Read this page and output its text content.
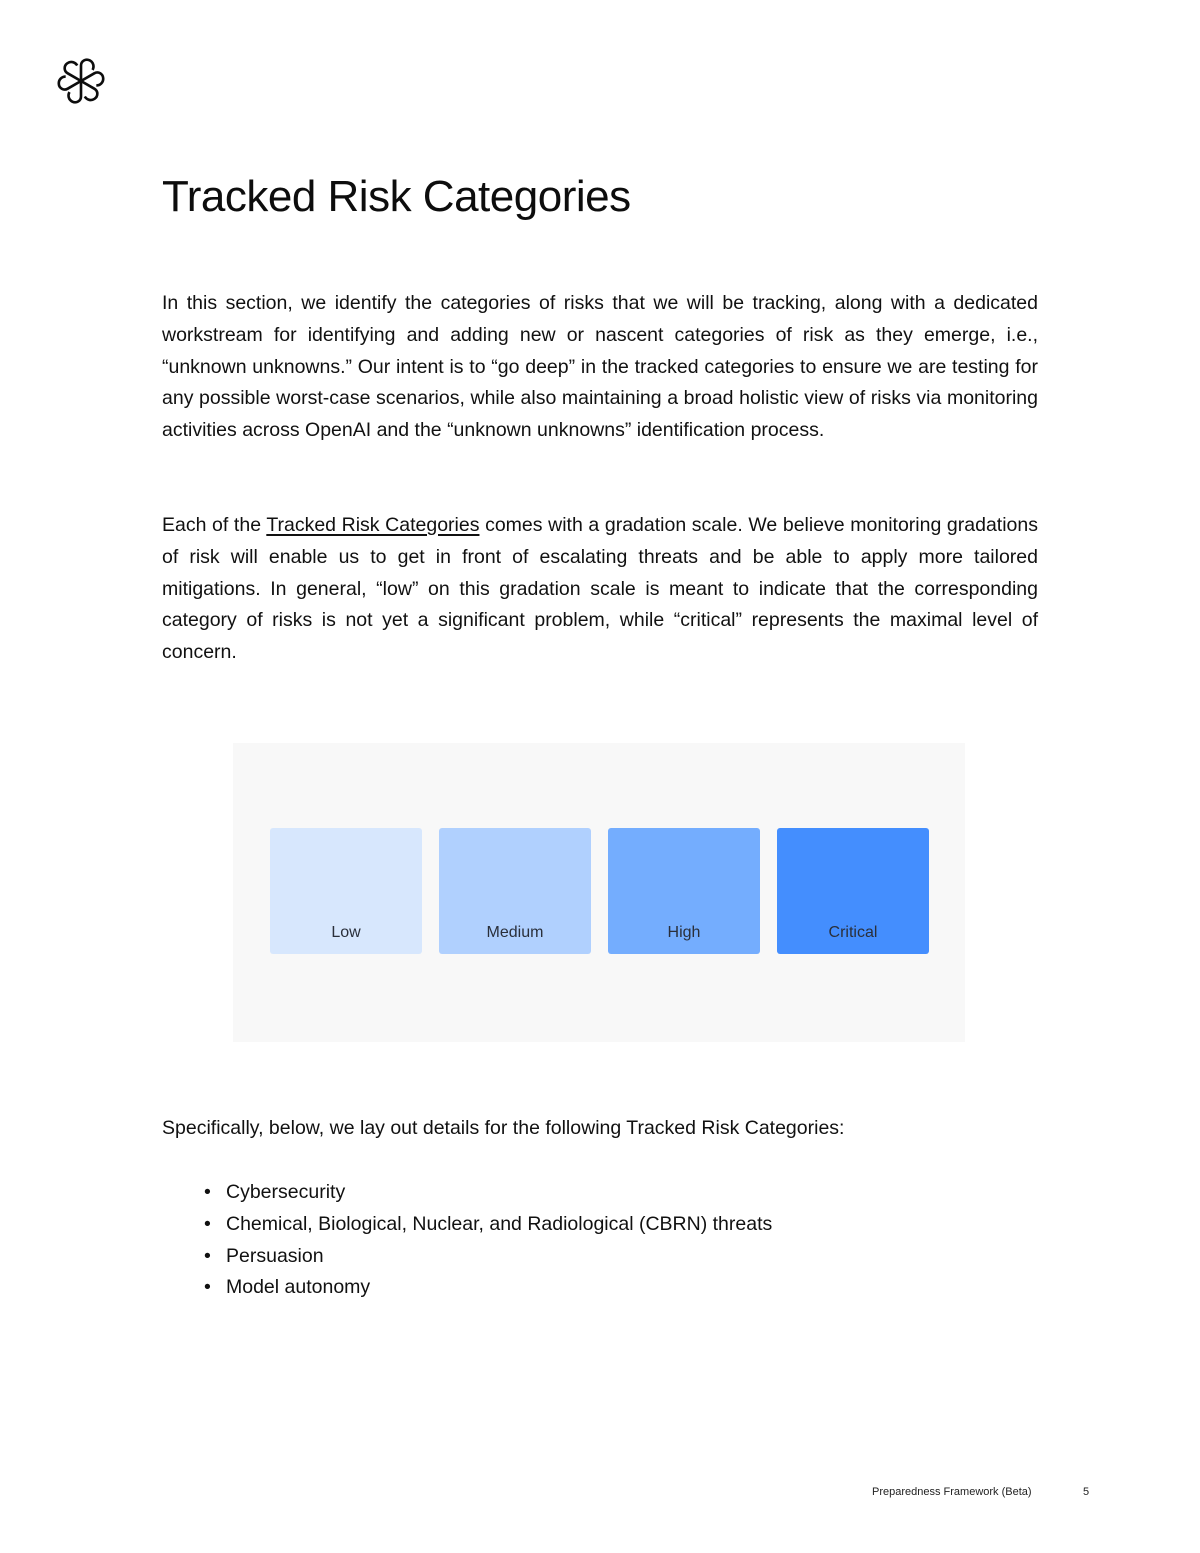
Tracked Risk Categories

In this section, we identify the categories of risks that we will be tracking, along with a dedicated workstream for identifying and adding new or nascent categories of risk as they emerge, i.e., “unknown unknowns.” Our intent is to “go deep” in the tracked categories to ensure we are testing for any possible worst-case scenarios, while also maintaining a broad holistic view of risks via monitoring activities across OpenAI and the “unknown unknowns” identification process.

Each of the Tracked Risk Categories comes with a gradation scale. We believe monitoring gradations of risk will enable us to get in front of escalating threats and be able to apply more tailored mitigations. In general, “low” on this gradation scale is meant to indicate that the corresponding category of risks is not yet a significant problem, while “critical” represents the maximal level of concern.

Low	Medium	High	Critical

Specifically, below, we lay out details for the following Tracked Risk Categories:

• Cybersecurity
• Chemical, Biological, Nuclear, and Radiological (CBRN) threats
• Persuasion
• Model autonomy
Preparedness Framework (Beta)	5
